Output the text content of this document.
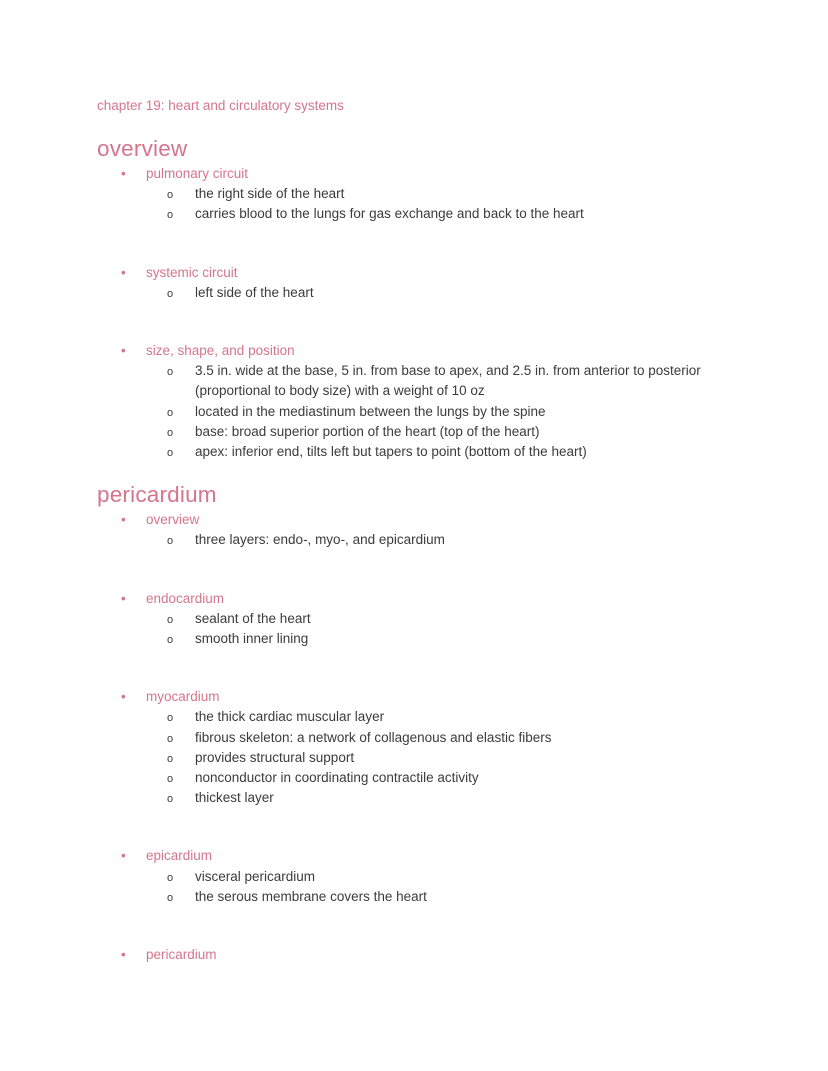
chapter 19: heart and circulatory systems
overview
• pulmonary circuit
o the right side of the heart
o carries blood to the lungs for gas exchange and back to the heart
• systemic circuit
o left side of the heart
• size, shape, and position
o 3.5 in. wide at the base, 5 in. from base to apex, and 2.5 in. from anterior to posterior (proportional to body size) with a weight of 10 oz
o located in the mediastinum between the lungs by the spine
o base: broad superior portion of the heart (top of the heart)
o apex: inferior end, tilts left but tapers to point (bottom of the heart)
pericardium
• overview
o three layers: endo-, myo-, and epicardium
• endocardium
o sealant of the heart
o smooth inner lining
• myocardium
o the thick cardiac muscular layer
o fibrous skeleton: a network of collagenous and elastic fibers
o provides structural support
o nonconductor in coordinating contractile activity
o thickest layer
• epicardium
o visceral pericardium
o the serous membrane covers the heart
• pericardium
